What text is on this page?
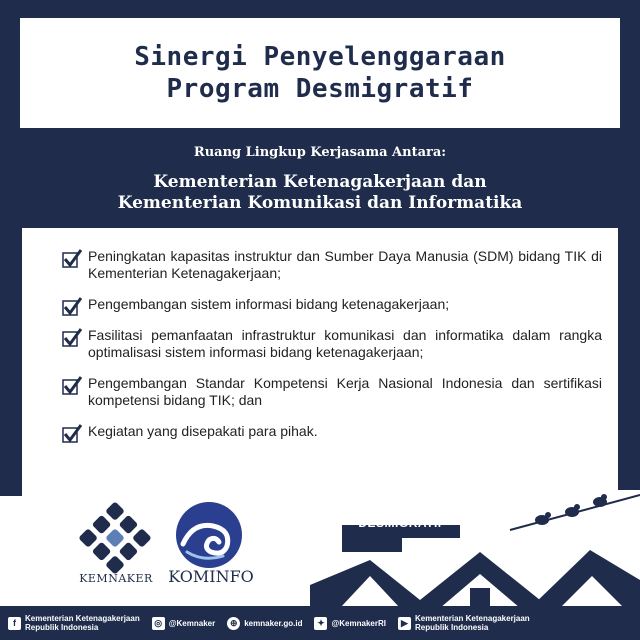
Sinergi Penyelenggaraan
Program Desmigratif
Ruang Lingkup Kerjasama Antara:
Kementerian Ketenagakerjaan dan
Kementerian Komunikasi dan Informatika
Peningkatan kapasitas instruktur dan Sumber Daya Manusia (SDM) bidang TIK di Kementerian Ketenagakerjaan;
Pengembangan sistem informasi bidang ketenagakerjaan;
Fasilitasi pemanfaatan infrastruktur komunikasi dan informatika dalam rangka optimalisasi sistem informasi bidang ketenagakerjaan;
Pengembangan Standar Kompetensi Kerja Nasional Indonesia dan sertifikasi kompetensi bidang TIK; dan
Kegiatan yang disepakati para pihak.
KEMNAKER KOMINFO
DESMIGRATIF
f	Kementerian Ketenagakerjaan
Republik Indonesia	◎ @Kemnaker	⊕ kemnaker.go.id	✦ @KemnakerRI	▶ Kementerian Ketenagakerjaan
Republik Indonesia
